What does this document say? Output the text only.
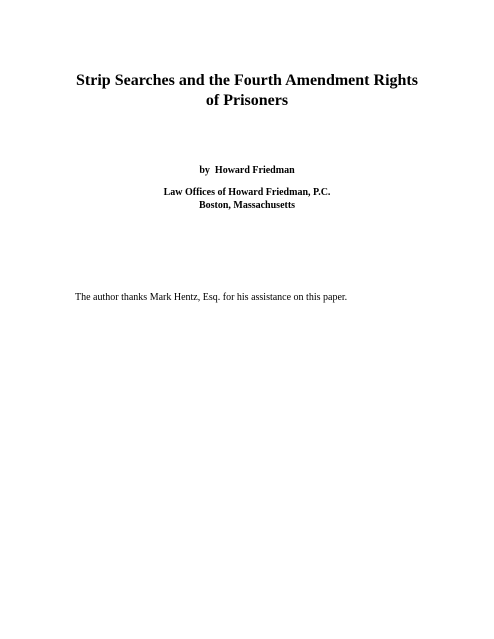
Strip Searches and the Fourth Amendment Rights
of Prisoners

by  Howard Friedman

Law Offices of Howard Friedman, P.C.

Boston, Massachusetts

The author thanks Mark Hentz, Esq. for his assistance on this paper.
